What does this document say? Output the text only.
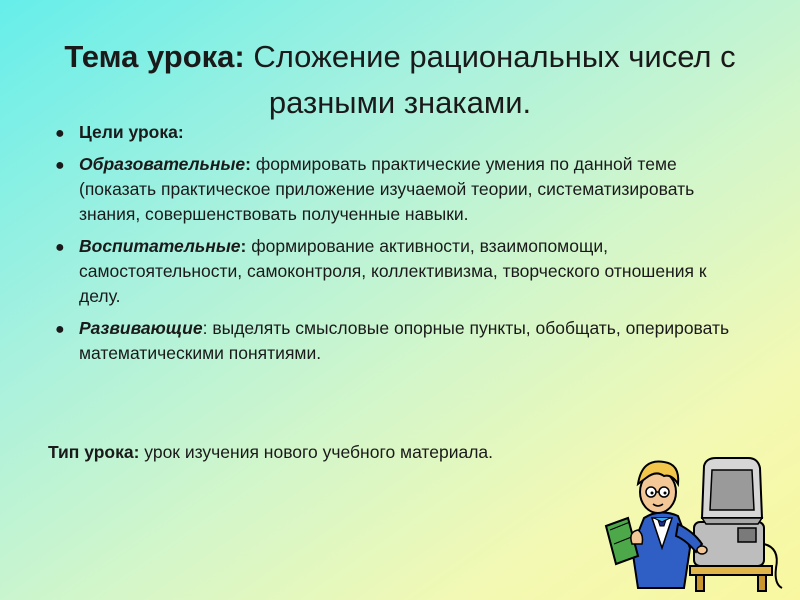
Тема урока: Сложение рациональных чисел с разными знаками.
● Цели урока:
● Образовательные: формировать практические умения по данной теме (показать практическое приложение изучаемой теории, систематизировать знания, совершенствовать полученные навыки.
● Воспитательные: формирование активности, взаимопомощи, самостоятельности, самоконтроля, коллективизма, творческого отношения к делу.
● Развивающие: выделять смысловые опорные пункты, обобщать, оперировать математическими понятиями.
Тип урока: урок изучения нового учебного материала.
